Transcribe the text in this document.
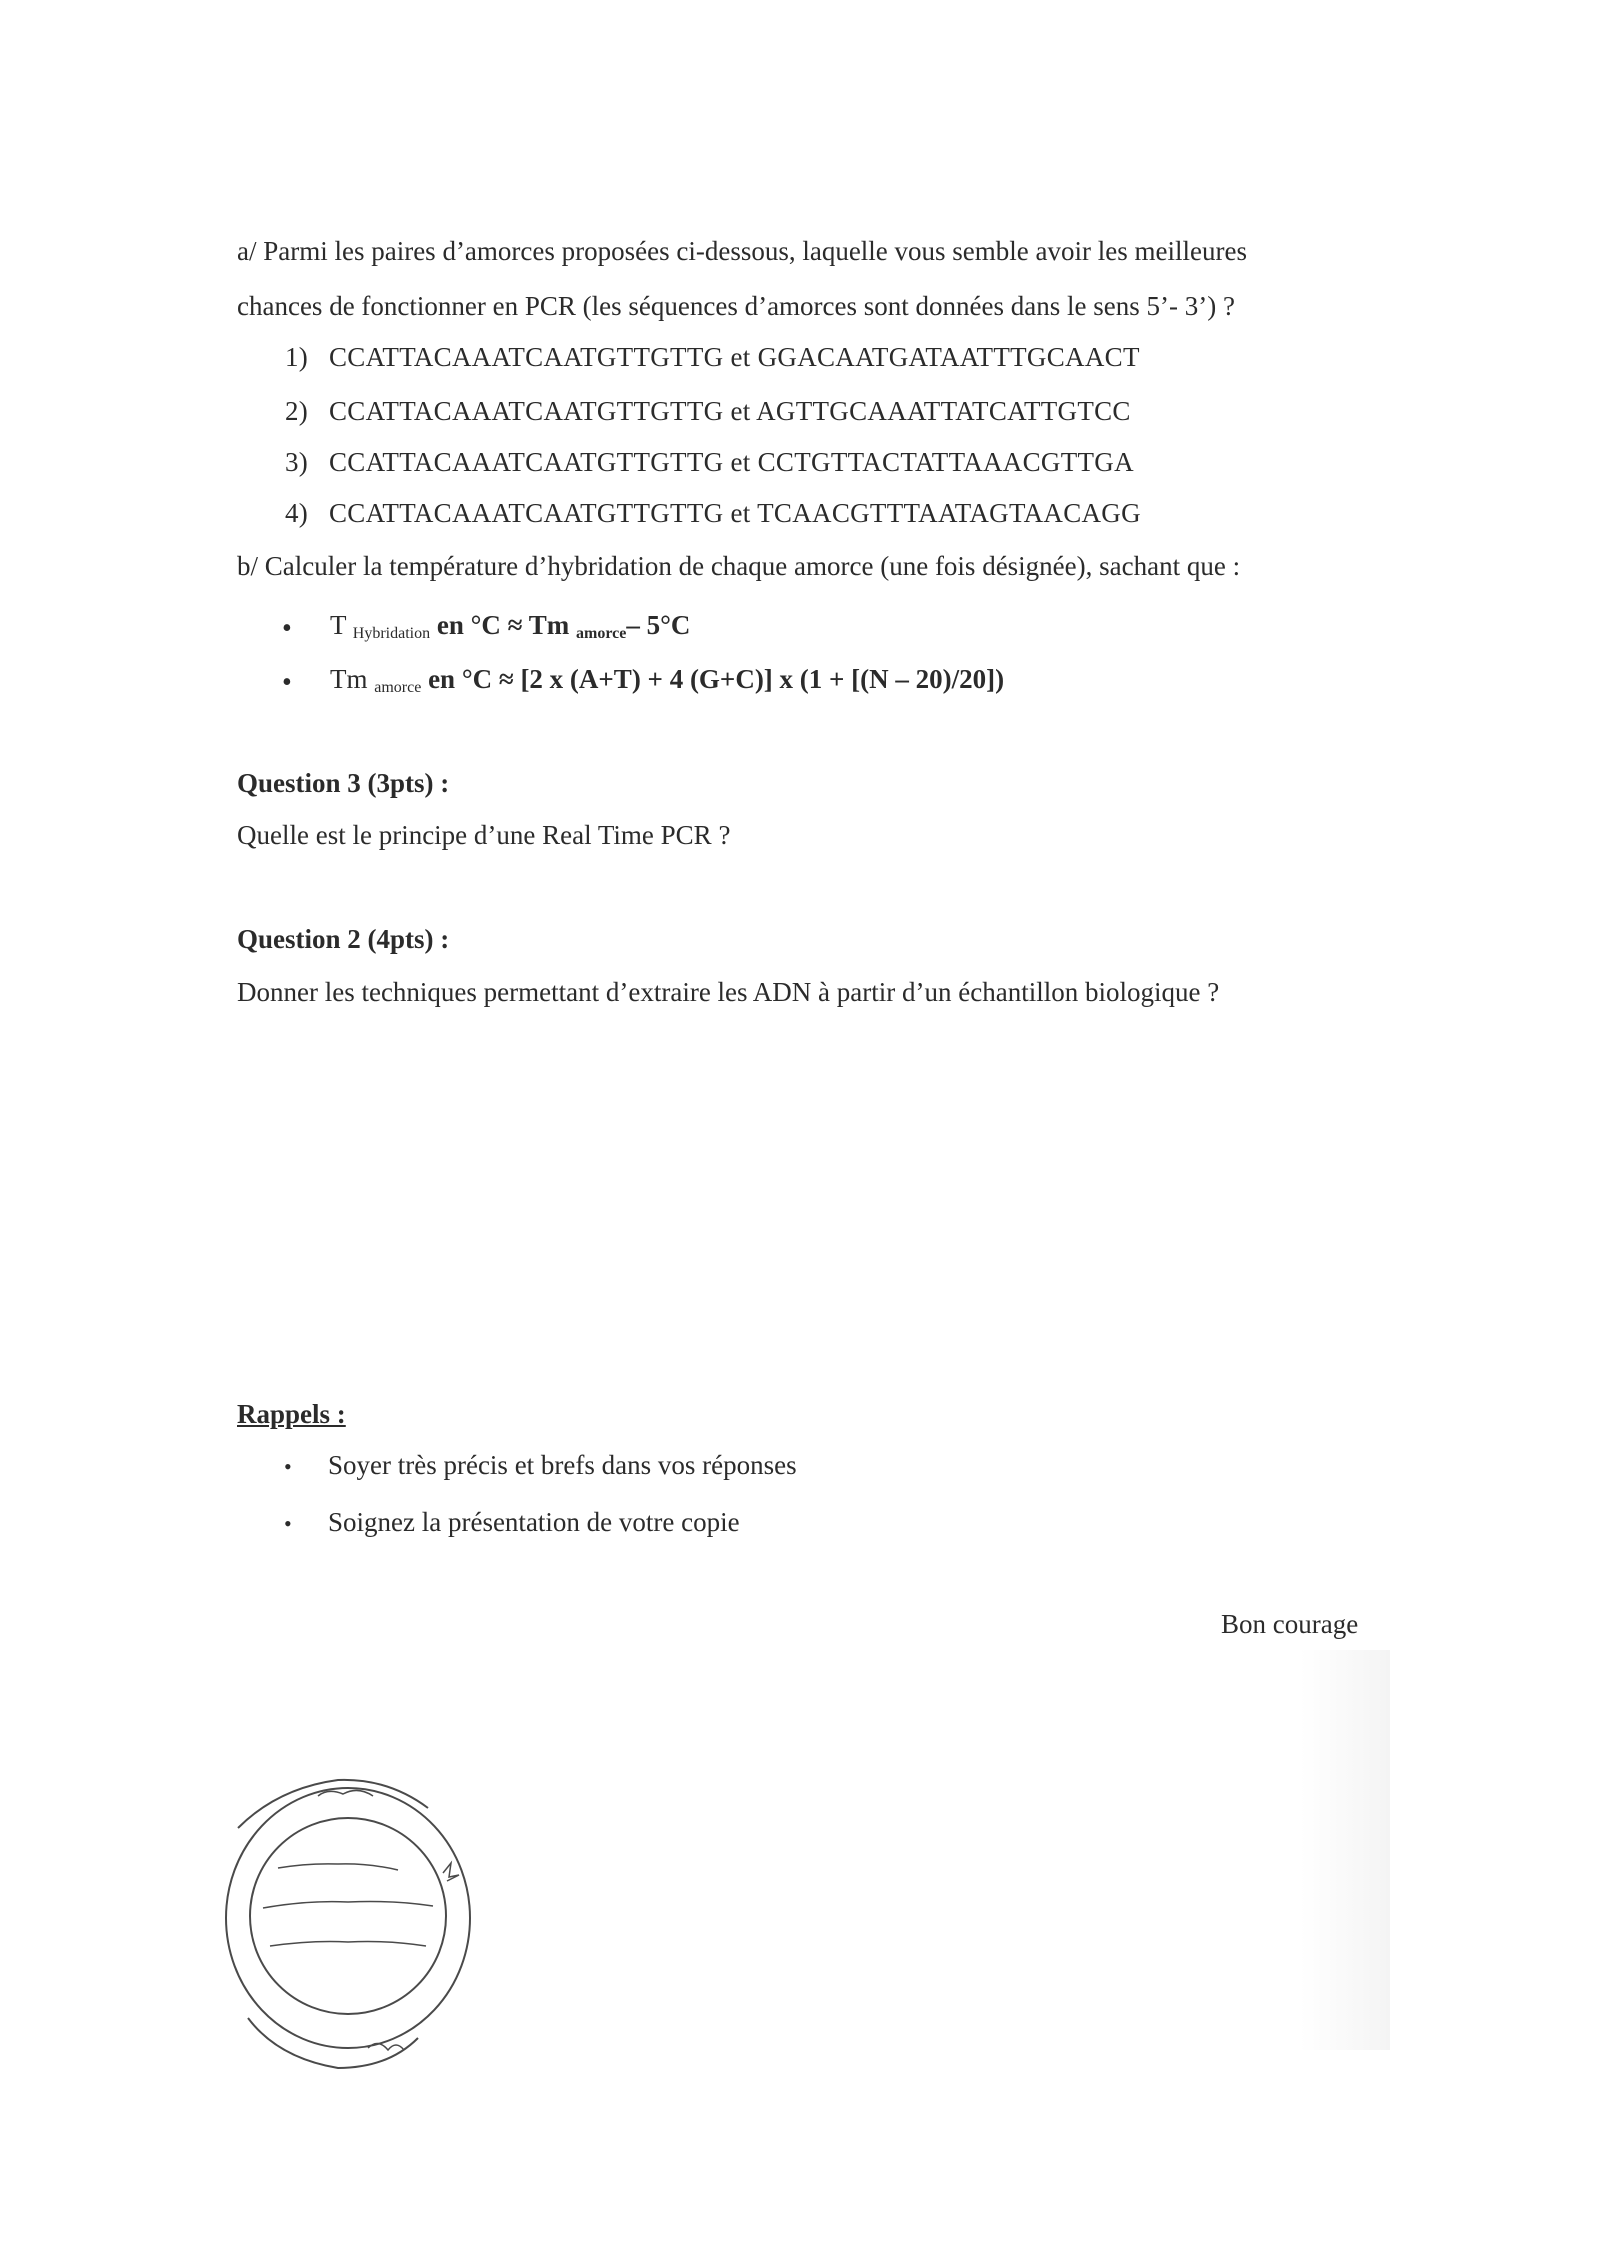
a/ Parmi les paires d’amorces proposées ci-dessous, laquelle vous semble avoir les meilleures
chances de fonctionner en PCR (les séquences d’amorces sont données dans le sens 5’- 3’) ?
1) CCATTACAAATCAATGTTGTTG et GGACAATGATAATTTGCAACT
2) CCATTACAAATCAATGTTGTTG et AGTTGCAAATTATCATTGTCC
3) CCATTACAAATCAATGTTGTTG et CCTGTTACTATTAAACGTTGA
4) CCATTACAAATCAATGTTGTTG et TCAACGTTTAATAGTAACAGG
b/ Calculer la température d’hybridation de chaque amorce (une fois désignée), sachant que :
• T $_{Hybridation}$ en °C ≈ Tm $_{amorce}$– 5°C
• Tm $_{amorce}$ en °C ≈ [2 x (A+T) + 4 (G+C)] x (1 + [(N – 20)/20])
Question 3 (3pts) :
Quelle est le principe d’une Real Time PCR ?
Question 2 (4pts) :
Donner les techniques permettant d’extraire les ADN à partir d’un échantillon biologique ?
Rappels :
• Soyer très précis et brefs dans vos réponses
• Soignez la présentation de votre copie
Bon courage
